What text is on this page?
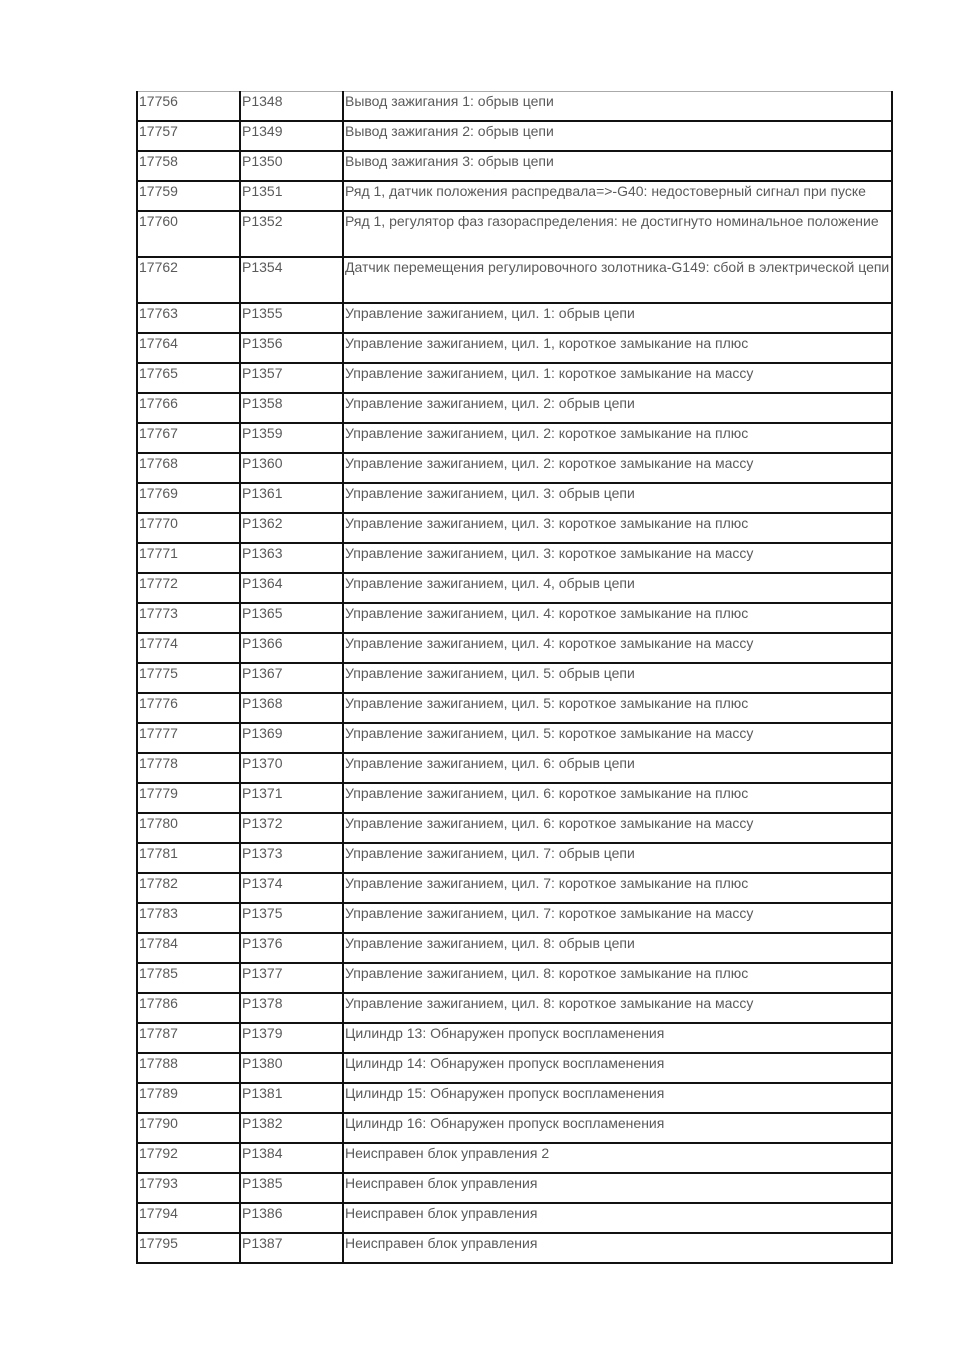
17756	P1348	Вывод зажигания 1: обрыв цепи
17757	P1349	Вывод зажигания 2: обрыв цепи
17758	P1350	Вывод зажигания 3: обрыв цепи
17759	P1351	Ряд 1, датчик положения распредвала=>-G40: недостоверный сигнал при пуске
17760	P1352	Ряд 1, регулятор фаз газораспределения: не достигнуто номинальное положение
17762	P1354	Датчик перемещения регулировочного золотника-G149: сбой в электрической цепи
17763	P1355	Управление зажиганием, цил. 1: обрыв цепи
17764	P1356	Управление зажиганием, цил. 1, короткое замыкание на плюс
17765	P1357	Управление зажиганием, цил. 1: короткое замыкание на массу
17766	P1358	Управление зажиганием, цил. 2: обрыв цепи
17767	P1359	Управление зажиганием, цил. 2: короткое замыкание на плюс
17768	P1360	Управление зажиганием, цил. 2: короткое замыкание на массу
17769	P1361	Управление зажиганием, цил. 3: обрыв цепи
17770	P1362	Управление зажиганием, цил. 3: короткое замыкание на плюс
17771	P1363	Управление зажиганием, цил. 3: короткое замыкание на массу
17772	P1364	Управление зажиганием, цил. 4, обрыв цепи
17773	P1365	Управление зажиганием, цил. 4: короткое замыкание на плюс
17774	P1366	Управление зажиганием, цил. 4: короткое замыкание на массу
17775	P1367	Управление зажиганием, цил. 5: обрыв цепи
17776	P1368	Управление зажиганием, цил. 5: короткое замыкание на плюс
17777	P1369	Управление зажиганием, цил. 5: короткое замыкание на массу
17778	P1370	Управление зажиганием, цил. 6: обрыв цепи
17779	P1371	Управление зажиганием, цил. 6: короткое замыкание на плюс
17780	P1372	Управление зажиганием, цил. 6: короткое замыкание на массу
17781	P1373	Управление зажиганием, цил. 7: обрыв цепи
17782	P1374	Управление зажиганием, цил. 7: короткое замыкание на плюс
17783	P1375	Управление зажиганием, цил. 7: короткое замыкание на массу
17784	P1376	Управление зажиганием, цил. 8: обрыв цепи
17785	P1377	Управление зажиганием, цил. 8: короткое замыкание на плюс
17786	P1378	Управление зажиганием, цил. 8: короткое замыкание на массу
17787	P1379	Цилиндр 13: Обнаружен пропуск воспламенения
17788	P1380	Цилиндр 14: Обнаружен пропуск воспламенения
17789	P1381	Цилиндр 15: Обнаружен пропуск воспламенения
17790	P1382	Цилиндр 16: Обнаружен пропуск воспламенения
17792	P1384	Неисправен блок управления 2
17793	P1385	Неисправен блок управления
17794	P1386	Неисправен блок управления
17795	P1387	Неисправен блок управления
